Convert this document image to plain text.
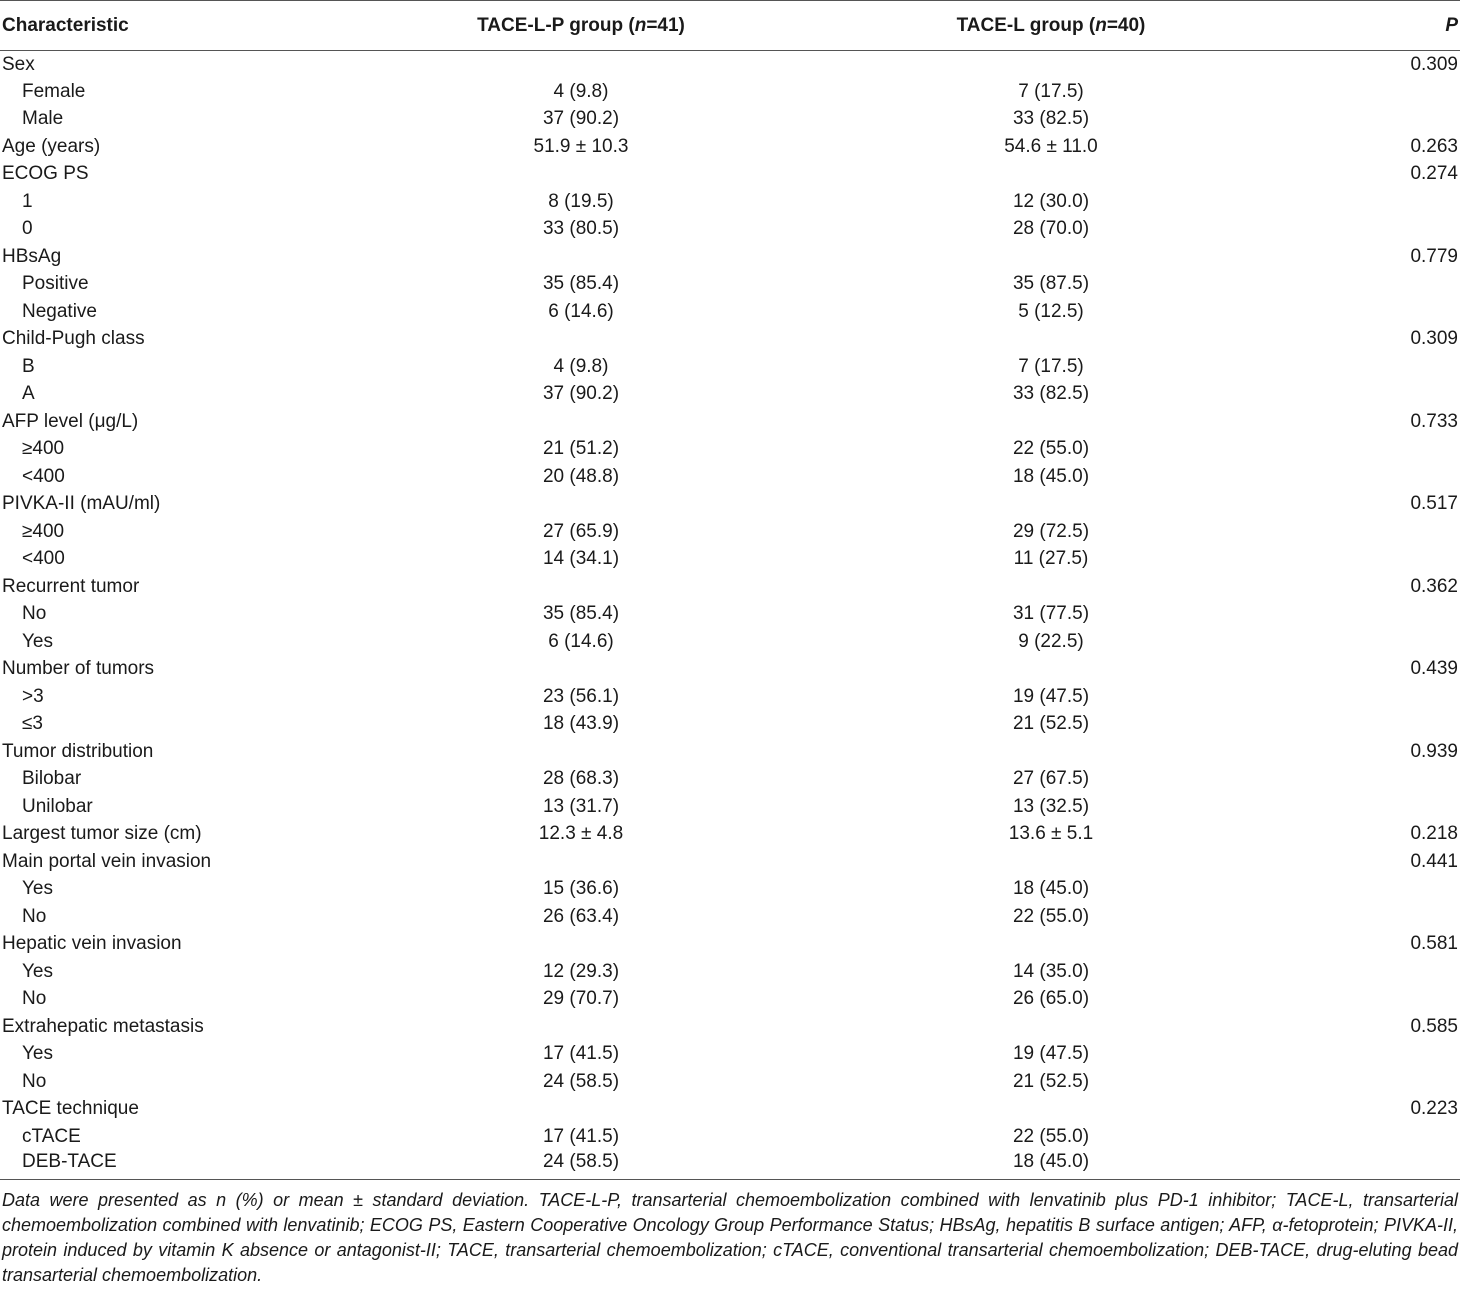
Characteristic	TACE-L-P group (n=41)	TACE-L group (n=40)	P
Sex			0.309
Female	4 (9.8)	7 (17.5)	
Male	37 (90.2)	33 (82.5)	
Age (years)	51.9 ± 10.3	54.6 ± 11.0	0.263
ECOG PS			0.274
1	8 (19.5)	12 (30.0)	
0	33 (80.5)	28 (70.0)	
HBsAg			0.779
Positive	35 (85.4)	35 (87.5)	
Negative	6 (14.6)	5 (12.5)	
Child-Pugh class			0.309
B	4 (9.8)	7 (17.5)	
A	37 (90.2)	33 (82.5)	
AFP level (μg/L)			0.733
≥400	21 (51.2)	22 (55.0)	
<400	20 (48.8)	18 (45.0)	
PIVKA-II (mAU/ml)			0.517
≥400	27 (65.9)	29 (72.5)	
<400	14 (34.1)	11 (27.5)	
Recurrent tumor			0.362
No	35 (85.4)	31 (77.5)	
Yes	6 (14.6)	9 (22.5)	
Number of tumors			0.439
>3	23 (56.1)	19 (47.5)	
≤3	18 (43.9)	21 (52.5)	
Tumor distribution			0.939
Bilobar	28 (68.3)	27 (67.5)	
Unilobar	13 (31.7)	13 (32.5)	
Largest tumor size (cm)	12.3 ± 4.8	13.6 ± 5.1	0.218
Main portal vein invasion			0.441
Yes	15 (36.6)	18 (45.0)	
No	26 (63.4)	22 (55.0)	
Hepatic vein invasion			0.581
Yes	12 (29.3)	14 (35.0)	
No	29 (70.7)	26 (65.0)	
Extrahepatic metastasis			0.585
Yes	17 (41.5)	19 (47.5)	
No	24 (58.5)	21 (52.5)	
TACE technique			0.223
cTACE	17 (41.5)	22 (55.0)	
DEB-TACE	24 (58.5)	18 (45.0)	
Data were presented as n (%) or mean ± standard deviation. TACE-L-P, transarterial chemoembolization combined with lenvatinib plus PD-1 inhibitor; TACE-L, transarterial chemoembolization combined with lenvatinib; ECOG PS, Eastern Cooperative Oncology Group Performance Status; HBsAg, hepatitis B surface antigen; AFP, α-fetoprotein; PIVKA-II, protein induced by vitamin K absence or antagonist-II; TACE, transarterial chemoembolization; cTACE, conventional transarterial chemoembolization; DEB-TACE, drug-eluting bead transarterial chemoembolization.
